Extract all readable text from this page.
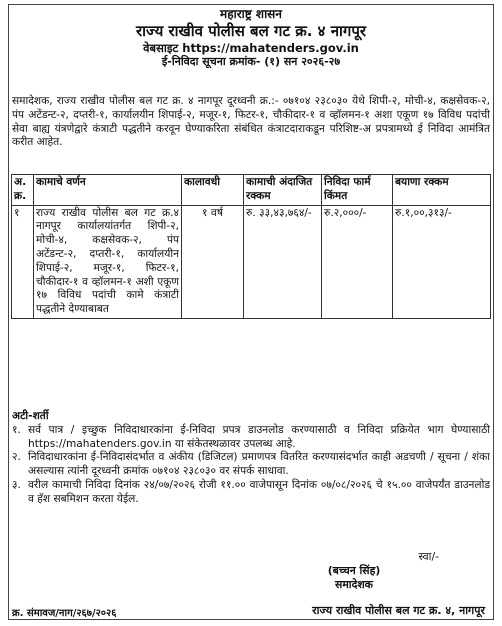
महाराष्ट्र शासन
राज्य राखीव पोलीस बल गट क्र. ४ नागपूर
वेबसाइट https://mahatenders.gov.in
ई-निविदा सूचना क्रमांक- (१) सन २०२६-२७
समादेशक, राज्य राखीव पोलीस बल गट क्र. ४ नागपूर दूरध्वनी क्र.:- ०७१०४ २३८०३० येथे शिपी-२, मोची-४, कक्षसेवक-२, पंप अटेंडन्ट-२, दप्तरी-१, कार्यालयीन शिपाई-२, मजूर-१, फिटर-१, चौकीदार-१ व व्हॉलमन-१ अशा एकूण १७ विविध पदांची सेवा बाह्य यंत्रणेद्वारे कंत्राटी पद्धतीने करवून घेण्याकरिता संबंधित कंत्राटदाराकडून परिशिष्ट-अ प्रपत्रामध्ये ई निविदा आमंत्रित करीत आहेत.
अ. क्र.	कामाचे वर्णन	कालावधी	कामाची अंदाजित रक्कम	निविदा फार्म किंमत	बयाणा रक्कम
१	राज्य राखीव पोलीस बल गट क्र.४ नागपूर कार्यालयांतर्गत शिपी-२, मोची-४, कक्षसेवक-२, पंप अटेंडन्ट-२, दप्तरी-१, कार्यालयीन शिपाई-२, मजूर-१, फिटर-१, चौकीदार-१ व व्हॉलमन-१ अशी एकूण १७ विविध पदांची कामे कंत्राटी पद्धतीने देण्याबाबत	१ वर्ष	रु. ३३,४३,७६४/-	रु.२,०००/-	रु.१,००,३१३/-
अटी-शर्ती
१. सर्व पात्र / इच्छुक निविदाधारकांना ई-निविदा प्रपत्र डाउनलोड करण्यासाठी व निविदा प्रक्रियेत भाग घेण्यासाठी https://mahatenders.gov.in या संकेतस्थळावर उपलब्ध आहे.
२. निविदाधारकांना ई-निविदासंदर्भात व अंकीय (डिजिटल) प्रमाणपत्र वितरित करण्यासंदर्भात काही अडचणी / सूचना / शंका असल्यास त्यांनी दूरध्वनी क्रमांक ०७१०४ २३८०३० वर संपर्क साधावा.
३. वरील कामाची निविदा दिनांक २४/०७/२०२६ रोजी ११.०० वाजेपासून दिनांक ०७/०८/२०२६ चे १५.०० वाजेपर्यंत डाउनलोड व हॅश सबमिशन करता येईल.
स्वा/-
(बच्चन सिंह)
समादेशक
राज्य राखीव पोलीस बल गट क्र. ४, नागपूर
क्र. संमावज/नाग/२६७/२०२६
